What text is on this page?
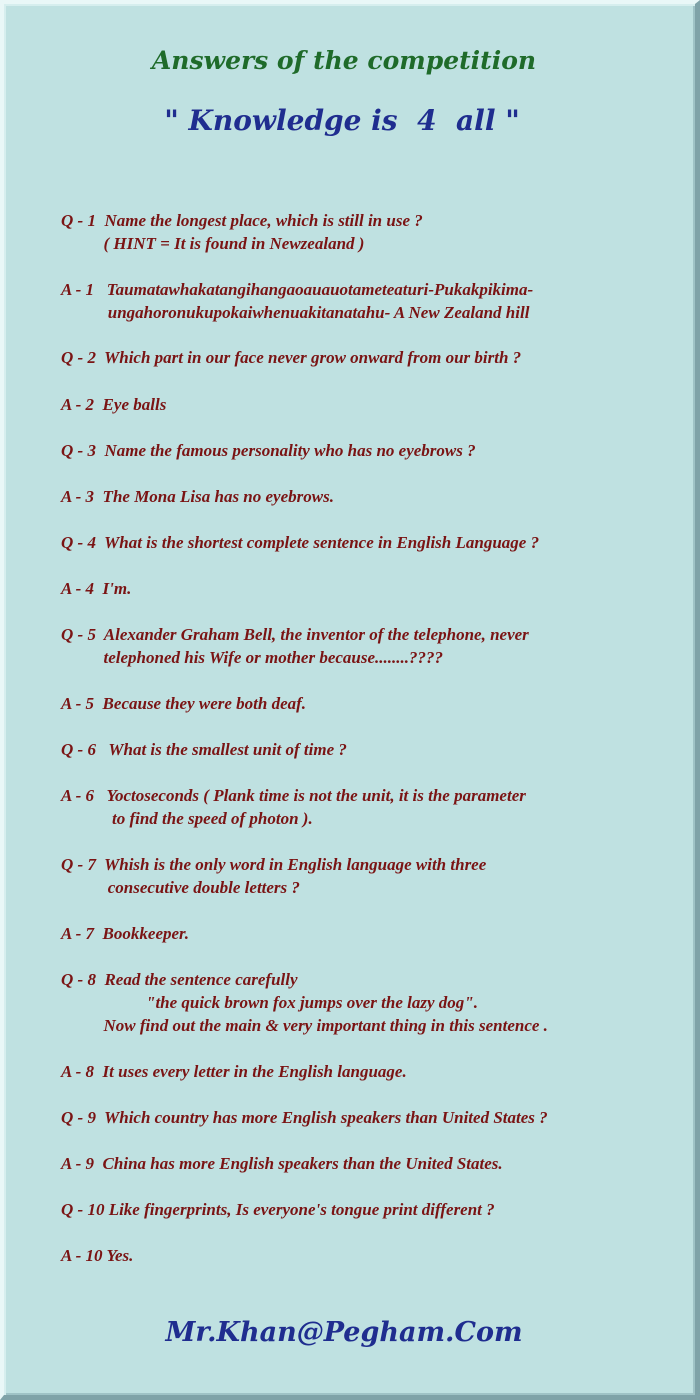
Answers of the competition
" Knowledge is  4  all "

Q - 1  Name the longest place, which is still in use ?
( HINT = It is found in Newzealand )

A - 1   Taumatawhakatangihangaoauauotameteaturi-Pukakpikima-
ungahoronukupokaiwhenuakitanatahu- A New Zealand hill

Q - 2  Which part in our face never grow onward from our birth ?

A - 2  Eye balls

Q - 3  Name the famous personality who has no eyebrows ?

A - 3  The Mona Lisa has no eyebrows.

Q - 4  What is the shortest complete sentence in English Language ?

A - 4  I'm.

Q - 5  Alexander Graham Bell, the inventor of the telephone, never
telephoned his Wife or mother because........????

A - 5  Because they were both deaf.

Q - 6   What is the smallest unit of time ?

A - 6   Yoctoseconds ( Plank time is not the unit, it is the parameter
to find the speed of photon ).

Q - 7  Whish is the only word in English language with three
consecutive double letters ?

A - 7  Bookkeeper.

Q - 8  Read the sentence carefully
"the quick brown fox jumps over the lazy dog".
Now find out the main & very important thing in this sentence .

A - 8  It uses every letter in the English language.

Q - 9  Which country has more English speakers than United States ?

A - 9  China has more English speakers than the United States.

Q - 10 Like fingerprints, Is everyone's tongue print different ?

A - 10 Yes.

Mr.Khan@Pegham.Com
